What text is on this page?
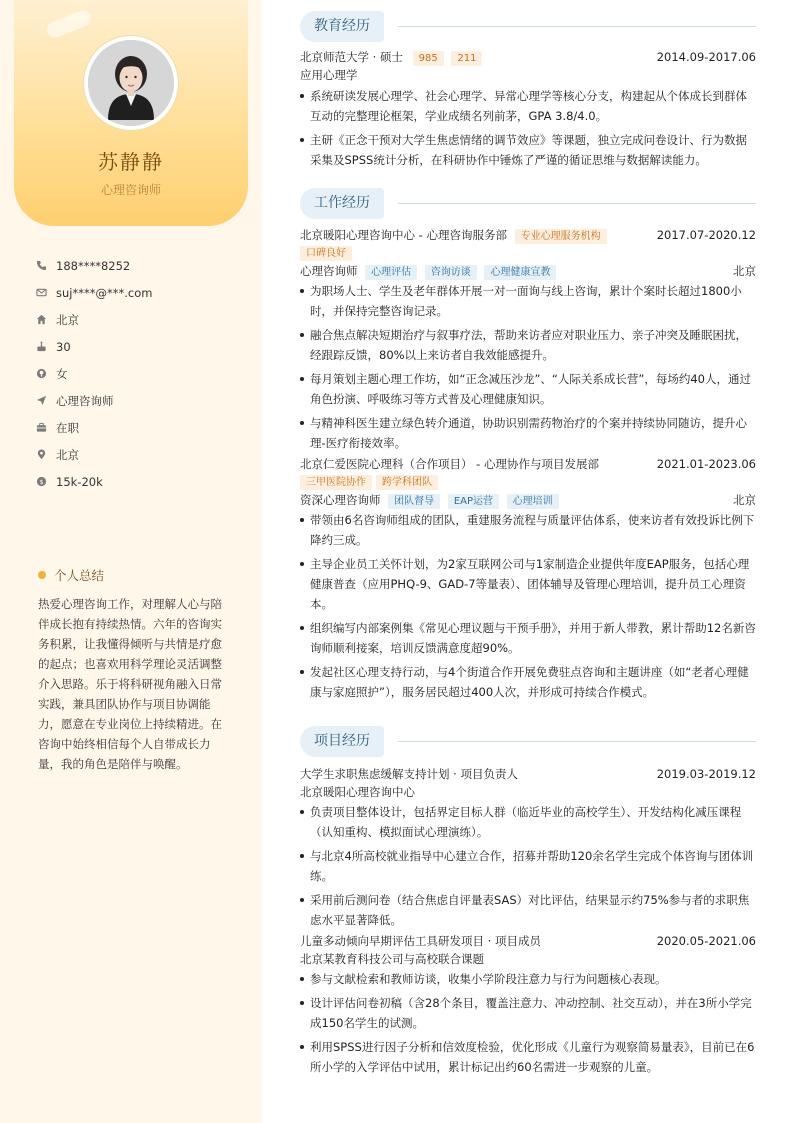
苏静静
心理咨询师
188****8252
suj****@***.com
北京
30
女
心理咨询师
在职
北京
$ 15k-20k
个人总结
热爱心理咨询工作，对理解人心与陪伴成长抱有持续热情。六年的咨询实务积累，让我懂得倾听与共情是疗愈的起点；也喜欢用科学理论灵活调整介入思路。乐于将科研视角融入日常实践，兼具团队协作与项目协调能力，愿意在专业岗位上持续精进。在咨询中始终相信每个人自带成长力量，我的角色是陪伴与唤醒。
教育经历
北京师范大学 · 硕士 985 211	2014.09-2017.06
应用心理学
系统研读发展心理学、社会心理学、异常心理学等核心分支，构建起从个体成长到群体互动的完整理论框架，学业成绩名列前茅，GPA 3.8/4.0。
主研《正念干预对大学生焦虑情绪的调节效应》等课题，独立完成问卷设计、行为数据采集及SPSS统计分析，在科研协作中锤炼了严谨的循证思维与数据解读能力。
工作经历
北京暖阳心理咨询中心 - 心理咨询服务部 专业心理服务机构	2017.07-2020.12
口碑良好
心理咨询师 心理评估 咨询访谈 心理健康宣教	北京
为职场人士、学生及老年群体开展一对一面询与线上咨询，累计个案时长超过1800小时，并保持完整咨询记录。
融合焦点解决短期治疗与叙事疗法，帮助来访者应对职业压力、亲子冲突及睡眠困扰，经跟踪反馈，80%以上来访者自我效能感提升。
每月策划主题心理工作坊，如“正念减压沙龙”、“人际关系成长营”，每场约40人，通过角色扮演、呼吸练习等方式普及心理健康知识。
与精神科医生建立绿色转介通道，协助识别需药物治疗的个案并持续协同随访，提升心理-医疗衔接效率。
北京仁爱医院心理科（合作项目） - 心理协作与项目发展部	2021.01-2023.06
三甲医院协作	跨学科团队
资深心理咨询师 团队督导 EAP运营 心理培训	北京
带领由6名咨询师组成的团队，重建服务流程与质量评估体系，使来访者有效投诉比例下降约三成。
主导企业员工关怀计划，为2家互联网公司与1家制造企业提供年度EAP服务，包括心理健康普查（应用PHQ-9、GAD-7等量表）、团体辅导及管理心理培训，提升员工心理资本。
组织编写内部案例集《常见心理议题与干预手册》，并用于新人带教，累计帮助12名新咨询师顺利接案，培训反馈满意度超90%。
发起社区心理支持行动，与4个街道合作开展免费驻点咨询和主题讲座（如“老者心理健康与家庭照护”），服务居民超过400人次，并形成可持续合作模式。
项目经历
大学生求职焦虑缓解支持计划 · 项目负责人	2019.03-2019.12
北京暖阳心理咨询中心
负责项目整体设计，包括界定目标人群（临近毕业的高校学生）、开发结构化减压课程（认知重构、模拟面试心理演练）。
与北京4所高校就业指导中心建立合作，招募并帮助120余名学生完成个体咨询与团体训练。
采用前后测问卷（结合焦虑自评量表SAS）对比评估，结果显示约75%参与者的求职焦虑水平显著降低。
儿童多动倾向早期评估工具研发项目 · 项目成员	2020.05-2021.06
北京某教育科技公司与高校联合课题
参与文献检索和教师访谈，收集小学阶段注意力与行为问题核心表现。
设计评估问卷初稿（含28个条目，覆盖注意力、冲动控制、社交互动），并在3所小学完成150名学生的试测。
利用SPSS进行因子分析和信效度检验，优化形成《儿童行为观察简易量表》，目前已在6所小学的入学评估中试用，累计标记出约60名需进一步观察的儿童。
